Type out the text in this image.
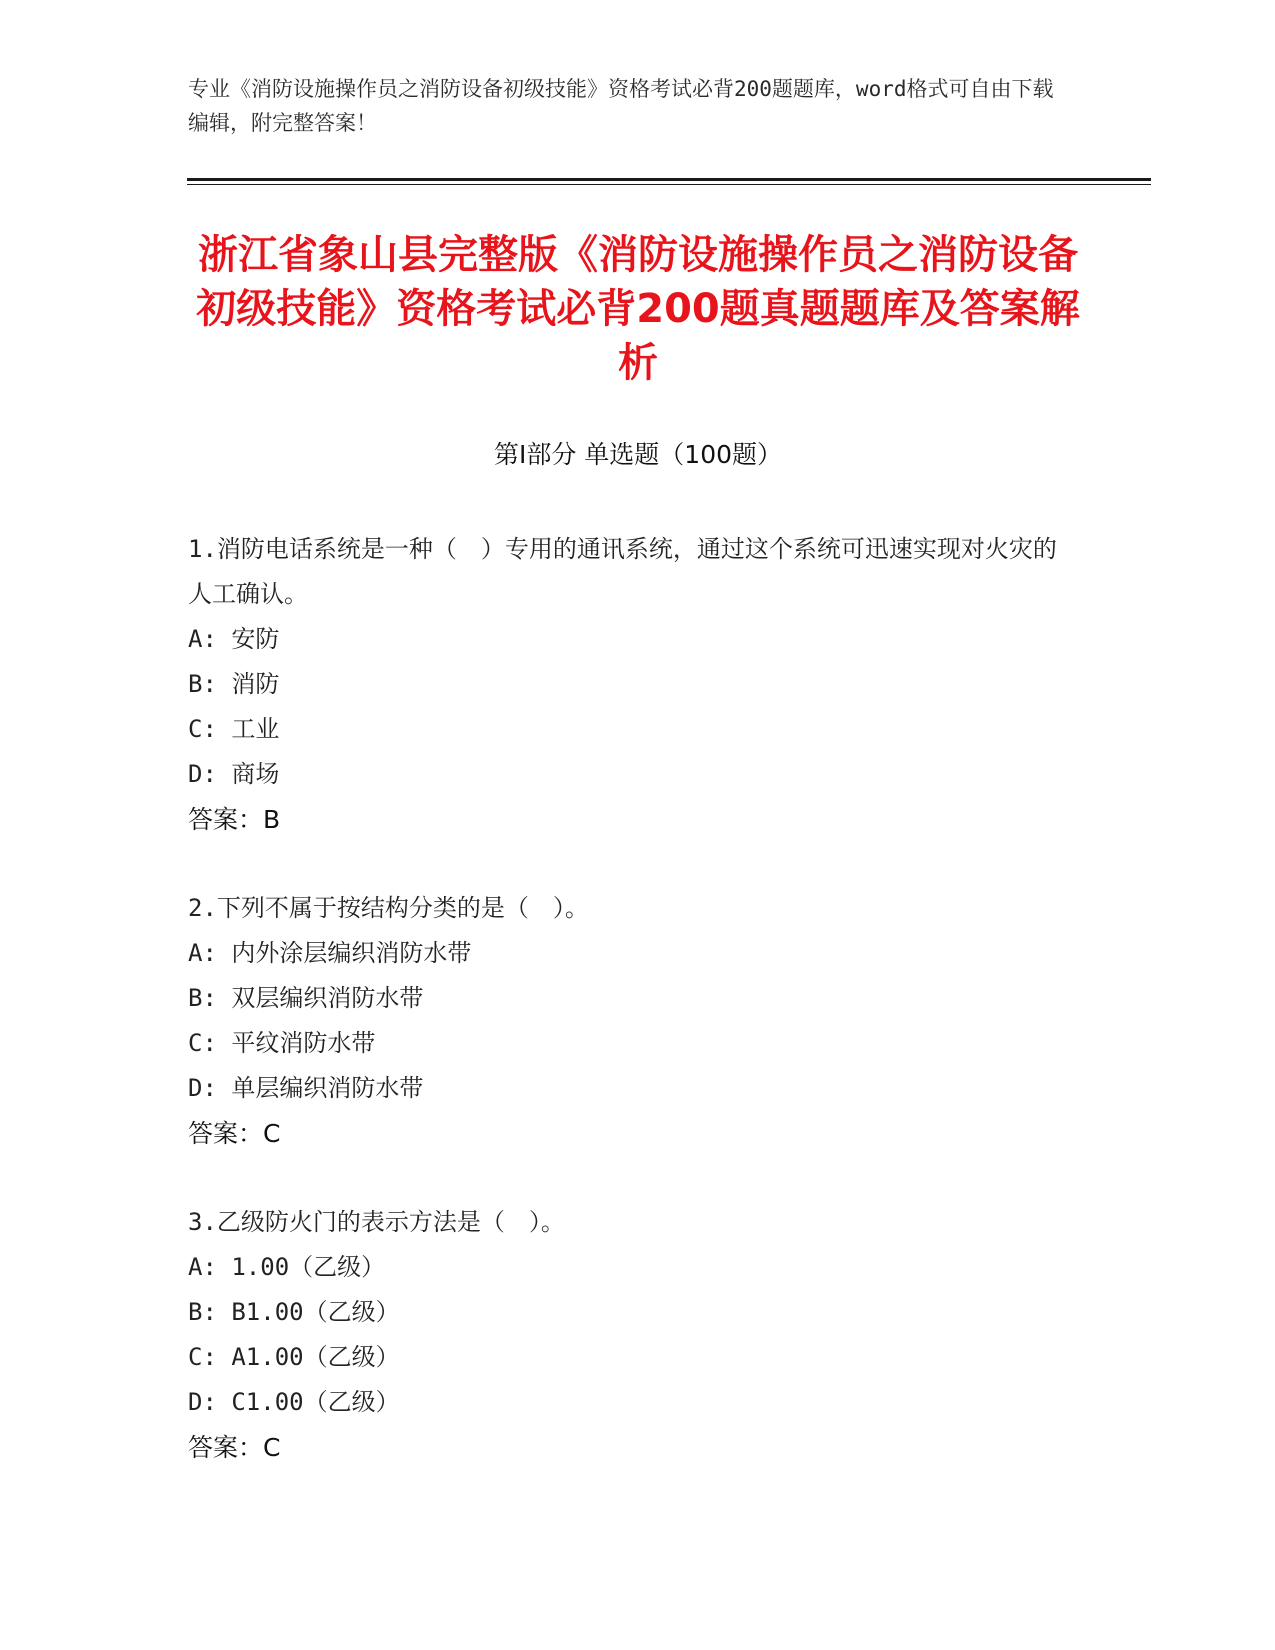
专业《消防设施操作员之消防设备初级技能》资格考试必背200题题库，word格式可自由下载编辑，附完整答案！
浙江省象山县完整版《消防设施操作员之消防设备初级技能》资格考试必背200题真题题库及答案解析
第Ⅰ部分 单选题（100题）

1.消防电话系统是一种（　）专用的通讯系统，通过这个系统可迅速实现对火灾的人工确认。

A: 安防

B: 消防

C: 工业

D: 商场

答案：B

2.下列不属于按结构分类的是（　）。

A: 内外涂层编织消防水带

B: 双层编织消防水带

C: 平纹消防水带

D: 单层编织消防水带

答案：C

3.乙级防火门的表示方法是（　）。

A: 1.00（乙级）

B: B1.00（乙级）

C: A1.00（乙级）

D: C1.00（乙级）

答案：C
